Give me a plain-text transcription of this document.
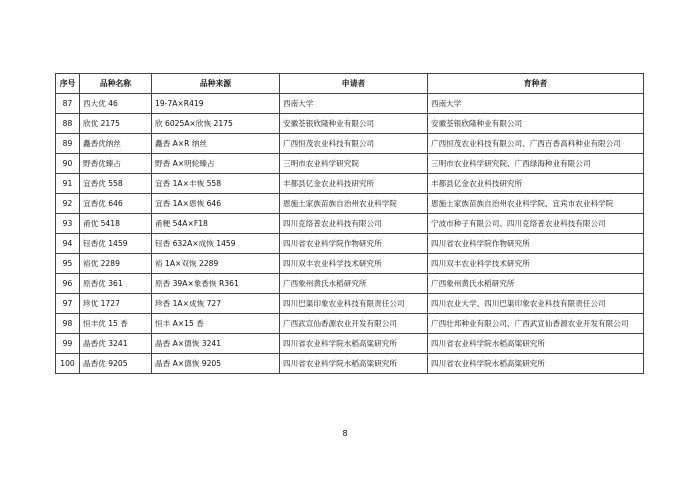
序号	品种名称	品种来源	申请者	育种者
87	西大优 46	19-7A×R419	西南大学	西南大学
88	欣优 2175	欣 6025A×欣恢 2175	安徽荃银欣隆种业有限公司	安徽荃银欣隆种业有限公司
89	矗香优纳丝	矗香 A×R 纳丝	广西恒茂农业科技有限公司	广西恒茂农业科技有限公司、广西百香高科种业有限公司
90	野香优臻占	野香 A×明轮臻占	三明市农业科学研究院	三明市农业科学研究院、广西绿海种业有限公司
91	宜香优 558	宜香 1A×丰恢 558	丰都县亿金农业科技研究所	丰都县亿金农业科技研究所
92	宜香优 646	宜香 1A×恩恢 646	恩施土家族苗族自治州农业科学院	恩施土家族苗族自治州农业科学院、宜宾市农业科学院
93	甬优 5418	甬粳 54A×F18	四川克络普农业科技有限公司	宁波市种子有限公司、四川克络普农业科技有限公司
94	钰香优 1459	钰香 632A×成恢 1459	四川省农业科学院作物研究所	四川省农业科学院作物研究所
95	裕优 2289	裕 1A×双恢 2289	四川双丰农业科学技术研究所	四川双丰农业科学技术研究所
96	原香优 361	原香 39A×象香恢 R361	广西象州黄氏水稻研究所	广西象州黄氏水稻研究所
97	珍优 1727	珍香 1A×成恢 727	四川巴渠印象农业科技有限责任公司	四川农业大学、四川巴渠印象农业科技有限责任公司
98	恒丰优 15 香	恒丰 A×15 香	广西武宣仙香源农业开发有限公司	广西壮邦种业有限公司、广西武宣仙香源农业开发有限公司
99	晶香优 3241	晶香 A×德恢 3241	四川省农业科学院水稻高粱研究所	四川省农业科学院水稻高粱研究所
100	晶香优 9205	晶香 A×德恢 9205	四川省农业科学院水稻高粱研究所	四川省农业科学院水稻高粱研究所
8
